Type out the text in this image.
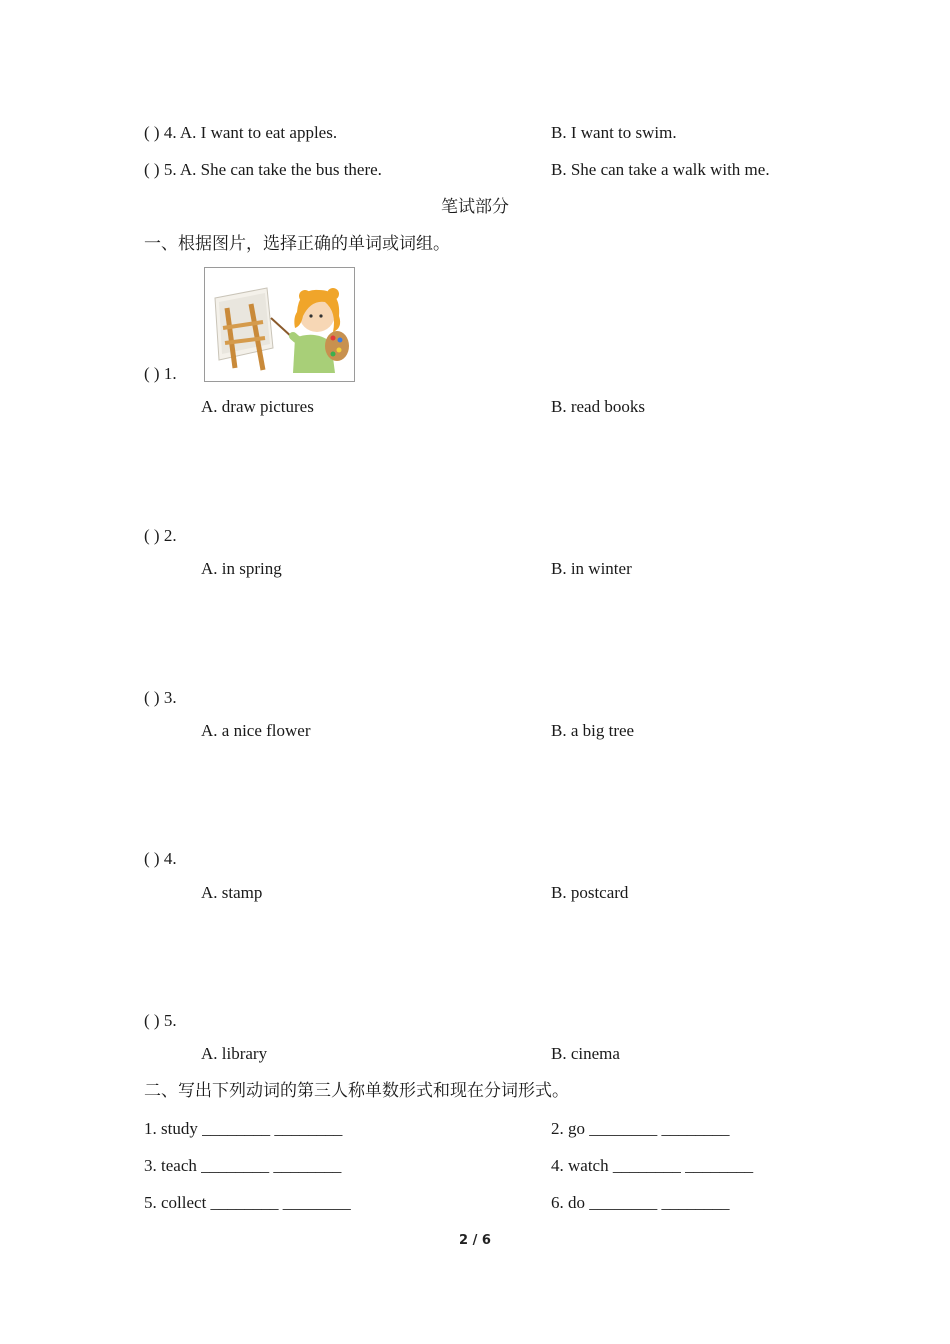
( ) 4. A. I want to eat apples.	B. I want to swim.
( ) 5. A. She can take the bus there.	B. She can take a walk with me.
笔试部分
一、根据图片，选择正确的单词或词组。
( ) 1.
A. draw pictures	B. read books
( ) 2.
A. in spring	B. in winter
( ) 3.
A. a nice flower	B. a big tree
( ) 4.
A. stamp	B. postcard
( ) 5.
A. library	B. cinema
二、写出下列动词的第三人称单数形式和现在分词形式。
1. study ________ ________	2. go ________ ________
3. teach ________ ________	4. watch ________ ________
5. collect ________ ________	6. do ________ ________
2 / 6
